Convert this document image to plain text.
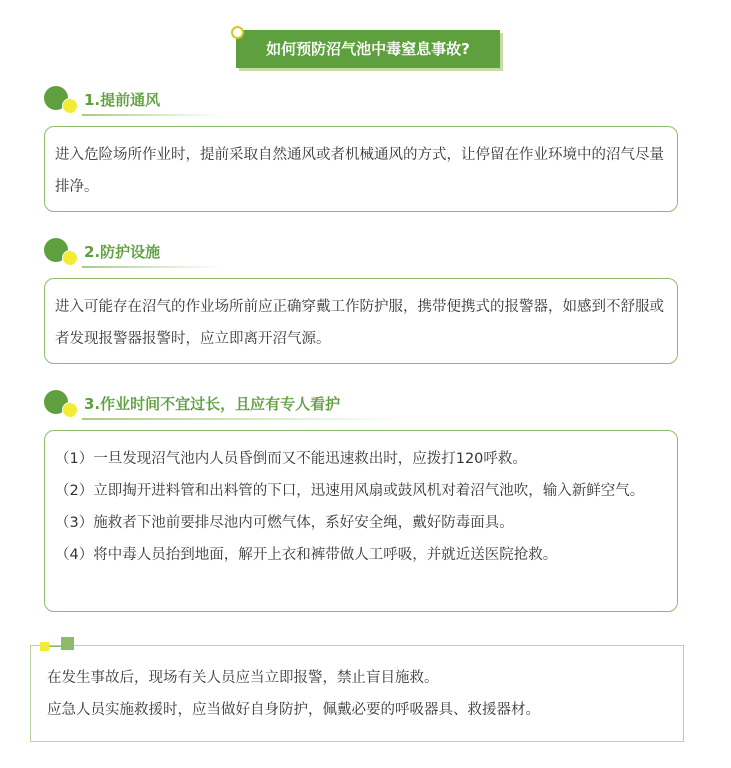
如何预防沼气池中毒窒息事故?
1.提前通风

进入危险场所作业时，提前采取自然通风或者机械通风的方式，让停留在作业环境中的沼气尽量排净。

2.防护设施

进入可能存在沼气的作业场所前应正确穿戴工作防护服，携带便携式的报警器，如感到不舒服或者发现报警器报警时，应立即离开沼气源。

3.作业时间不宜过长，且应有专人看护

（1）一旦发现沼气池内人员昏倒而又不能迅速救出时，应拨打120呼救。

（2）立即掏开进料管和出料管的下口，迅速用风扇或鼓风机对着沼气池吹，输入新鲜空气。

（3）施救者下池前要排尽池内可燃气体，系好安全绳，戴好防毒面具。

（4）将中毒人员抬到地面，解开上衣和裤带做人工呼吸，并就近送医院抢救。

在发生事故后，现场有关人员应当立即报警，禁止盲目施救。

应急人员实施救援时，应当做好自身防护，佩戴必要的呼吸器具、救援器材。
